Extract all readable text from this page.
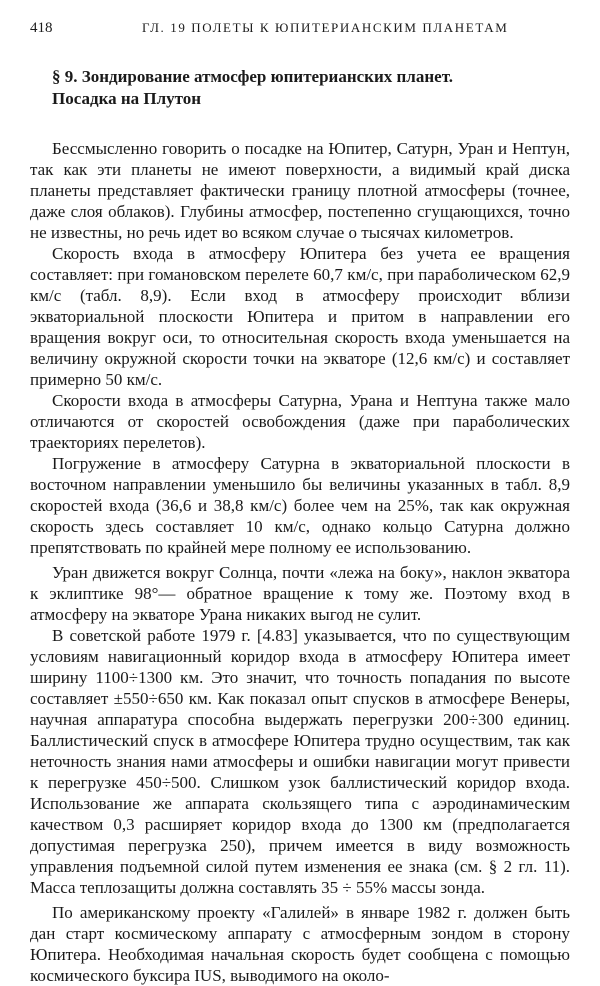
418	ГЛ. 19 ПОЛЕТЫ К ЮПИТЕРИАНСКИМ ПЛАНЕТАМ
§ 9. Зондирование атмосфер юпитерианских планет.
Посадка на Плутон

Бессмысленно говорить о посадке на Юпитер, Сатурн, Уран и Нептун, так как эти планеты не имеют поверхности, а видимый край диска планеты представляет фактически границу плотной атмосферы (точнее, даже слоя облаков). Глубины атмосфер, постепенно сгущающихся, точно не известны, но речь идет во всяком случае о тысячах километров.

Скорость входа в атмосферу Юпитера без учета ее вращения составляет: при гомановском перелете 60,7 км/с, при параболическом 62,9 км/с (табл. 8,9). Если вход в атмосферу происходит вблизи экваториальной плоскости Юпитера и притом в направлении его вращения вокруг оси, то относительная скорость входа уменьшается на величину окружной скорости точки на экваторе (12,6 км/с) и составляет примерно 50 км/с.

Скорости входа в атмосферы Сатурна, Урана и Нептуна также мало отличаются от скоростей освобождения (даже при параболических траекториях перелетов).

Погружение в атмосферу Сатурна в экваториальной плоскости в восточном направлении уменьшило бы величины указанных в табл. 8,9 скоростей входа (36,6 и 38,8 км/с) более чем на 25%, так как окружная скорость здесь составляет 10 км/с, однако кольцо Сатурна должно препятствовать по крайней мере полному ее использованию.

Уран движется вокруг Солнца, почти «лежа на боку», наклон экватора к эклиптике 98°— обратное вращение к тому же. Поэтому вход в атмосферу на экваторе Урана никаких выгод не сулит.

В советской работе 1979 г. [4.83] указывается, что по существующим условиям навигационный коридор входа в атмосферу Юпитера имеет ширину 1100÷1300 км. Это значит, что точность попадания по высоте составляет ±550÷650 км. Как показал опыт спусков в атмосфере Венеры, научная аппаратура способна выдержать перегрузки 200÷300 единиц. Баллистический спуск в атмосфере Юпитера трудно осуществим, так как неточность знания нами атмосферы и ошибки навигации могут привести к перегрузке 450÷500. Слишком узок баллистический коридор входа. Использование же аппарата скользящего типа с аэродинамическим качеством 0,3 расширяет коридор входа до 1300 км (предполагается допустимая перегрузка 250), причем имеется в виду возможность управления подъемной силой путем изменения ее знака (см. § 2 гл. 11). Масса теплозащиты должна составлять 35 ÷ 55% массы зонда.

По американскому проекту «Галилей» в январе 1982 г. должен быть дан старт космическому аппарату с атмосферным зондом в сторону Юпитера. Необходимая начальная скорость будет сообщена с помощью космического буксира IUS, выводимого на около-
